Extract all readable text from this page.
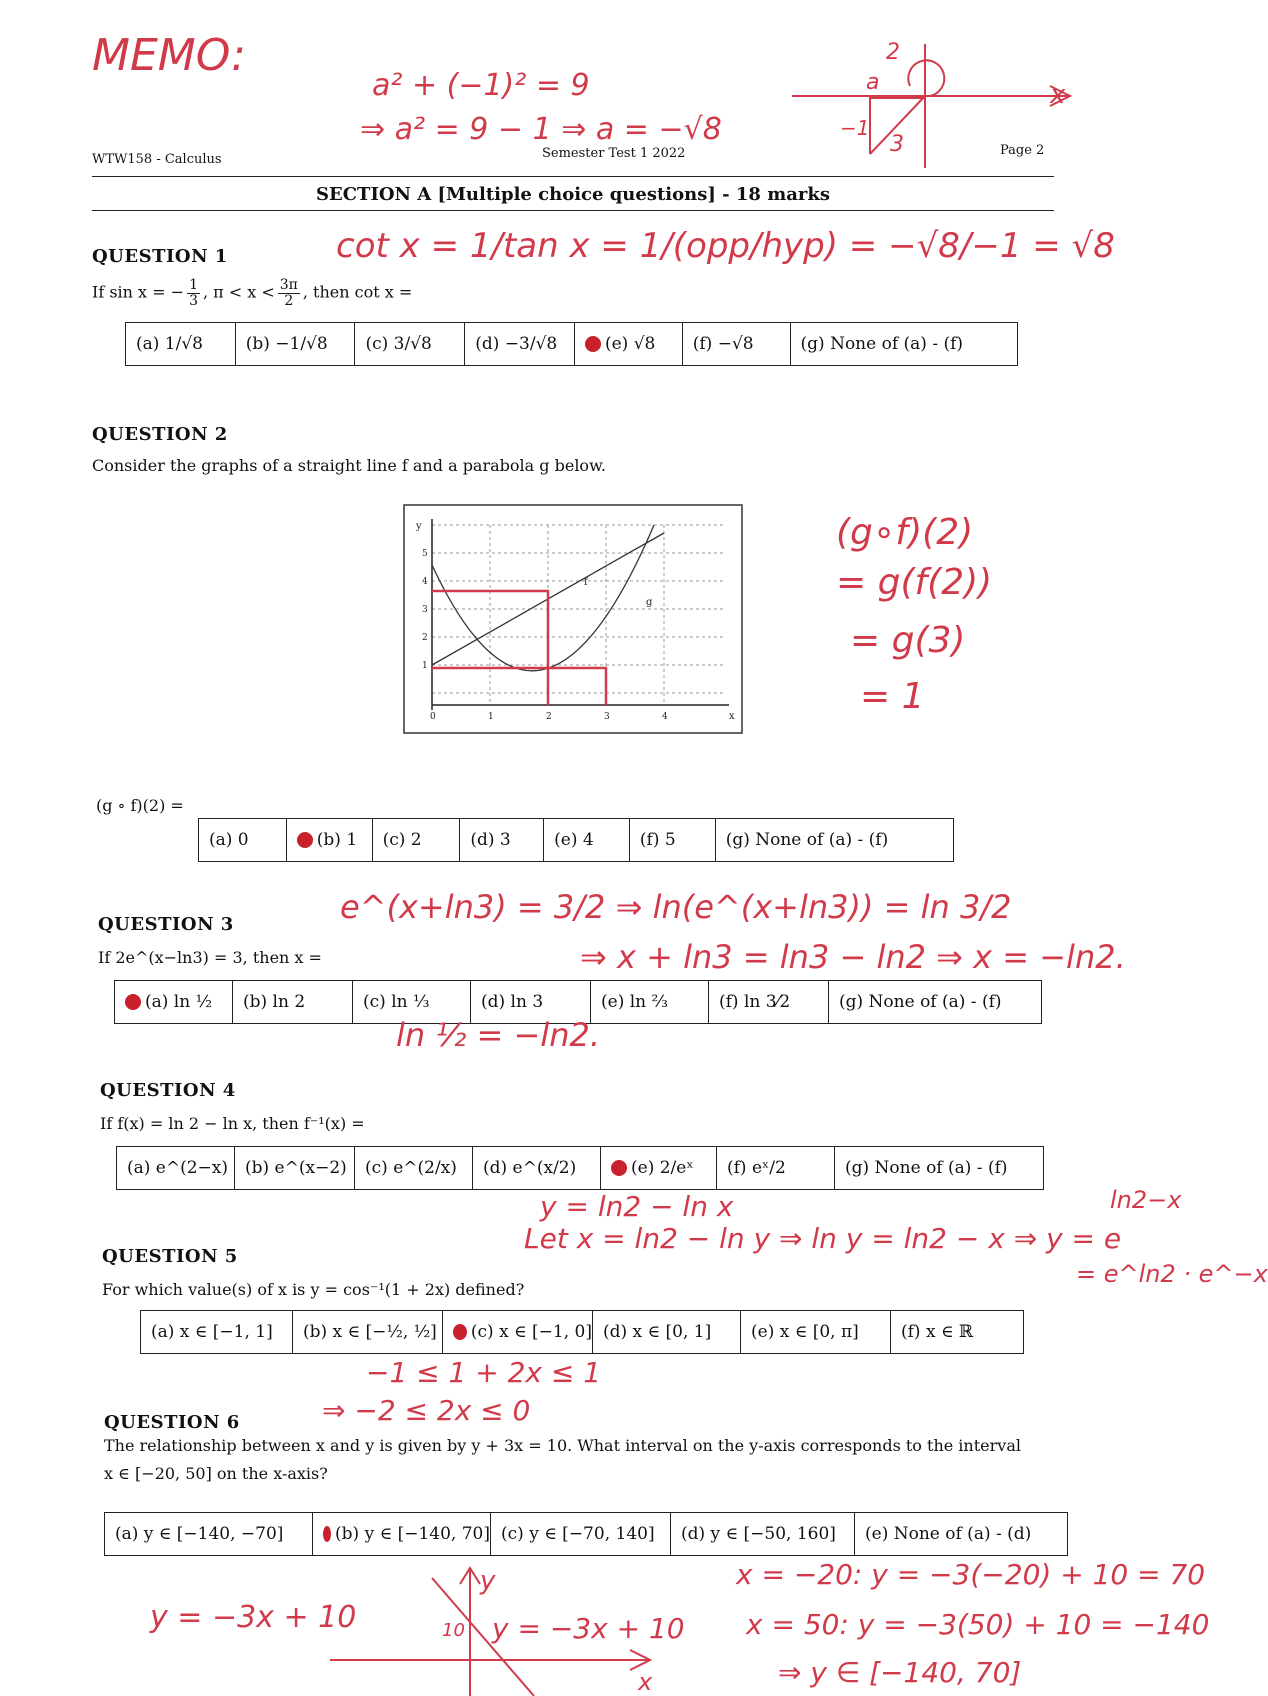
MEMO:
a² + (−1)² = 9
⇒ a² = 9 − 1 ⇒ a = −√8
x
a
−1
3
2
WTW158 - Calculus	Semester Test 1 2022	Page 2
SECTION A [Multiple choice questions] - 18 marks
QUESTION 1	cot x = 1/tan x = 1/(opp/hyp) = −√8/−1 = √8
If sin x = − $\frac{1}{3}$ , $\pi < x < \frac{3\pi}{2}$ , then cot x =
(a) 1/√8	(b) −1/√8	(c) 3/√8	(d) −3/√8	(e) √8	(f) −√8	(g) None of (a) - (f)
QUESTION 2
Consider the graphs of a straight line f and a parabola g below.
y
x
g
f
5
4
3
2
1
0	1	2	3	4
(g∘f)(2)
= g(f(2))
= g(3)
= 1
(g ∘ f)(2) =
(a) 0	(b) 1	(c) 2	(d) 3	(e) 4	(f) 5	(g) None of (a) - (f)
e^(x+ln3) = 3/2 ⇒ ln(e^(x+ln3)) = ln 3/2
⇒ x + ln3 = ln3 − ln2 ⇒ x = −ln2.
QUESTION 3
If 2e^(x−ln3) = 3, then x =
(a) ln ½	(b) ln 2	(c) ln ⅓	(d) ln 3	(e) ln ⅔	(f) ln 3⁄2	(g) None of (a) - (f)
ln ½ = −ln2.
QUESTION 4
If f(x) = ln 2 − ln x, then f⁻¹(x) =
(a) e^(2−x) (b) e^(x−2)	(c) e^(2/x)	(d) e^(x/2)	(e) 2/eˣ	(f) eˣ/2	(g) None of (a) - (f)
y = ln2 − ln x
Let x = ln2 − ln y ⇒ ln y = ln2 − x ⇒ y = e
ln2−x
= e^ln2 · e^−x
QUESTION 5
For which value(s) of x is y = cos⁻¹(1 + 2x) defined?
(a) x ∈ [−1, 1]	(b) x ∈ [−½, ½]	(c) x ∈ [−1, 0] (d) x ∈ [0, 1]	(e) x ∈ [0, π]	(f) x ∈ ℝ
−1 ≤ 1 + 2x ≤ 1
⇒ −2 ≤ 2x ≤ 0
QUESTION 6
The relationship between x and y is given by y + 3x = 10. What interval on the y-axis corresponds to the interval
x ∈ [−20, 50] on the x-axis?
(a) y ∈ [−140, −70]	(b) y ∈ [−140, 70] (c) y ∈ [−70, 140]	(d) y ∈ [−50, 160]	(e) None of (a) - (d)
y = −3x + 10
y
x
10 y = −3x + 10
x = −20: y = −3(−20) + 10 = 70
x = 50: y = −3(50) + 10 = −140
⇒ y ∈ [−140, 70]
